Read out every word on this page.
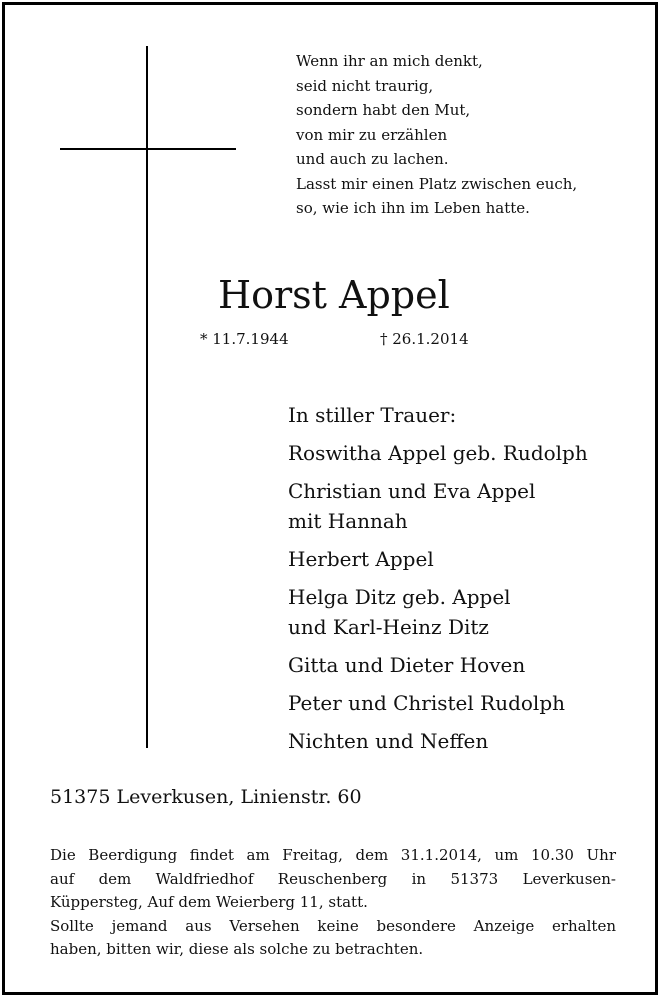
Wenn ihr an mich denkt,
seid nicht traurig,
sondern habt den Mut,
von mir zu erzählen
und auch zu lachen.
Lasst mir einen Platz zwischen euch,
so, wie ich ihn im Leben hatte.
Horst Appel
* 11.7.1944	† 26.1.2014
In stiller Trauer:
Roswitha Appel geb. Rudolph
Christian und Eva Appel
mit Hannah
Herbert Appel
Helga Ditz geb. Appel
und Karl-Heinz Ditz
Gitta und Dieter Hoven
Peter und Christel Rudolph
Nichten und Neffen
51375 Leverkusen, Linienstr. 60
Die Beerdigung findet am Freitag, dem 31.1.2014, um 10.30 Uhr
auf dem Waldfriedhof Reuschenberg in 51373 Leverkusen-
Küppersteg, Auf dem Weierberg 11, statt.
Sollte jemand aus Versehen keine besondere Anzeige erhalten
haben, bitten wir, diese als solche zu betrachten.
